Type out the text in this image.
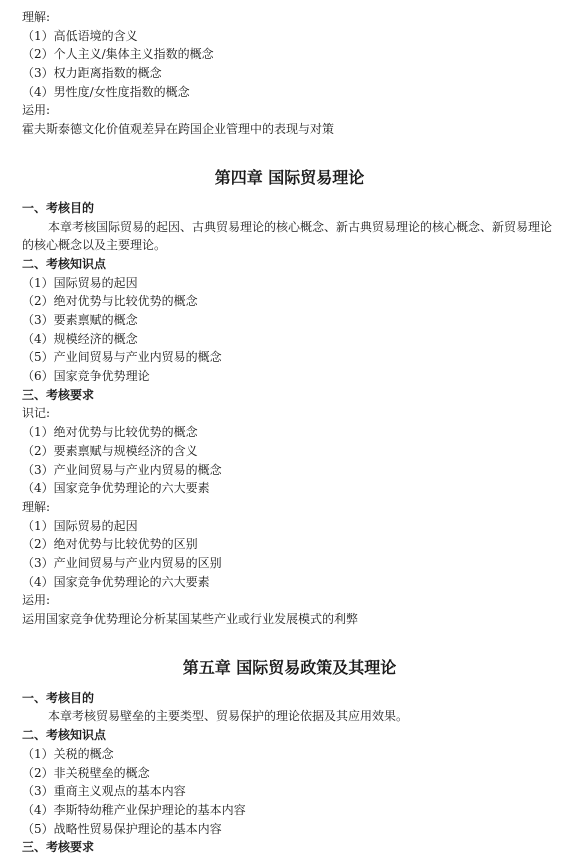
理解:
（1）高低语境的含义
（2）个人主义/集体主义指数的概念
（3）权力距离指数的概念
（4）男性度/女性度指数的概念
运用:
霍夫斯泰德文化价值观差异在跨国企业管理中的表现与对策
第四章 国际贸易理论
一、考核目的
本章考核国际贸易的起因、古典贸易理论的核心概念、新古典贸易理论的核心概念、新贸易理论的核心概念以及主要理论。
二、考核知识点
（1）国际贸易的起因
（2）绝对优势与比较优势的概念
（3）要素禀赋的概念
（4）规模经济的概念
（5）产业间贸易与产业内贸易的概念
（6）国家竞争优势理论
三、考核要求
识记:
（1）绝对优势与比较优势的概念
（2）要素禀赋与规模经济的含义
（3）产业间贸易与产业内贸易的概念
（4）国家竞争优势理论的六大要素
理解:
（1）国际贸易的起因
（2）绝对优势与比较优势的区别
（3）产业间贸易与产业内贸易的区别
（4）国家竞争优势理论的六大要素
运用:
运用国家竞争优势理论分析某国某些产业或行业发展模式的利弊
第五章 国际贸易政策及其理论
一、考核目的
本章考核贸易壁垒的主要类型、贸易保护的理论依据及其应用效果。
二、考核知识点
（1）关税的概念
（2）非关税壁垒的概念
（3）重商主义观点的基本内容
（4）李斯特幼稚产业保护理论的基本内容
（5）战略性贸易保护理论的基本内容
三、考核要求
